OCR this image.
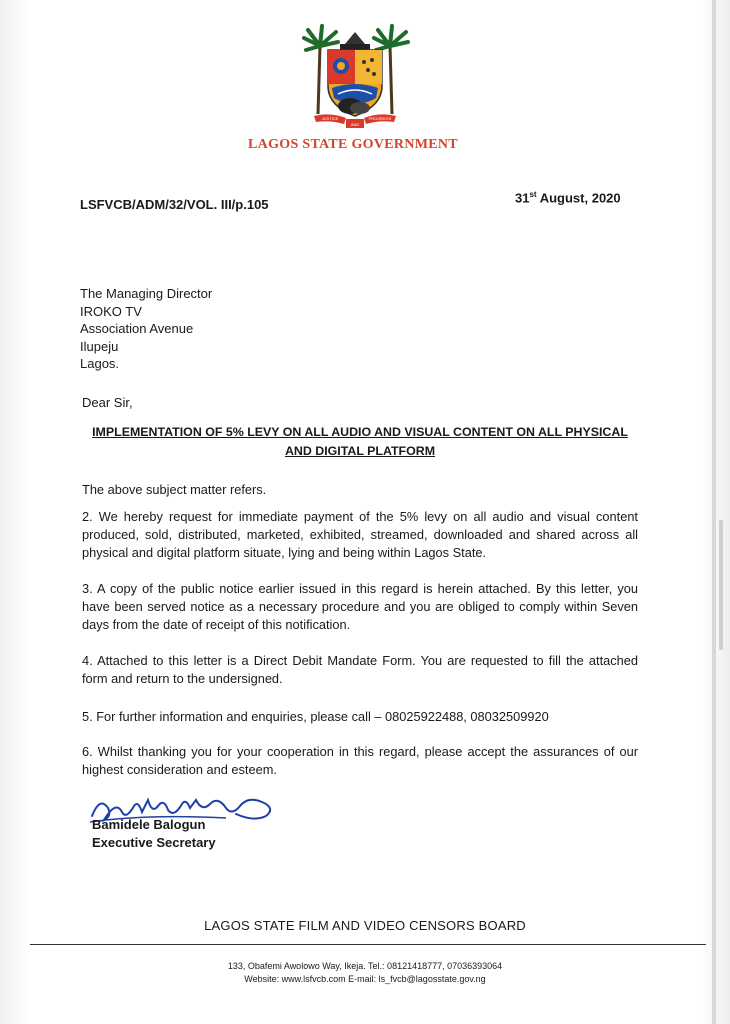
JUSTICE
AND
PROGRESS
LAGOS STATE GOVERNMENT
LSFVCB/ADM/32/VOL. III/p.105	31st August, 2020
The Managing Director
IROKO TV
Association Avenue
Ilupeju
Lagos.
Dear Sir,
IMPLEMENTATION OF 5% LEVY ON ALL AUDIO AND VISUAL CONTENT ON ALL PHYSICAL AND DIGITAL PLATFORM
The above subject matter refers.
2. We hereby request for immediate payment of the 5% levy on all audio and visual content produced, sold, distributed, marketed, exhibited, streamed, downloaded and shared across all physical and digital platform situate, lying and being within Lagos State.
3. A copy of the public notice earlier issued in this regard is herein attached. By this letter, you have been served notice as a necessary procedure and you are obliged to comply within Seven days from the date of receipt of this notification.
4. Attached to this letter is a Direct Debit Mandate Form. You are requested to fill the attached form and return to the undersigned.
5. For further information and enquiries, please call – 08025922488, 08032509920
6. Whilst thanking you for your cooperation in this regard, please accept the assurances of our highest consideration and esteem.
Bamidele Balogun
Executive Secretary
LAGOS STATE FILM AND VIDEO CENSORS BOARD
133, Obafemi Awolowo Way, Ikeja. Tel.: 08121418777, 07036393064
Website: www.lsfvcb.com E-mail: ls_fvcb@lagosstate.gov.ng
